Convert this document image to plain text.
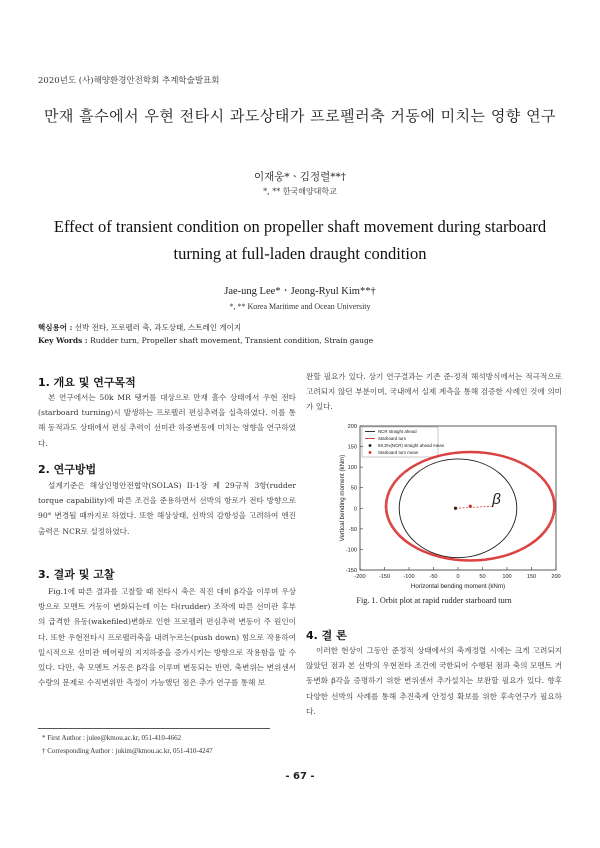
2020년도 (사)해양환경안전학회 추계학술발표회
만재 흘수에서 우현 전타시 과도상태가 프로펠러축 거동에 미치는 영향 연구
이재웅*ㆍ김정렬**†
*, ** 한국해양대학교
Effect of transient condition on propeller shaft movement during starboard turning at full-laden draught condition
Jae-ung Lee*ㆍJeong-Ryul Kim**†
*, ** Korea Maritime and Ocean University
핵심용어 : 선박 전타, 프로펠러 축, 과도상태, 스트레인 게이지
Key Words : Rudder turn, Propeller shaft movement, Transient condition, Strain gauge
1. 개요 및 연구목적
본 연구에서는 50k MR 탱커를 대상으로 만재 흘수 상태에서 우현 전타(starboard turning)시 발생하는 프로펠러 편심추력을 실측하였다. 이를 통해 동적과도 상태에서 편심 추력이 선미관 하중변동에 미치는 영향을 연구하였다.
2. 연구방법
설계기준은 해상인명안전협약(SOLAS) II-1장 제 29규칙 3항(rudder torque capability)에 따른 조건을 준용하면서 선박의 항로가 전타 방향으로 90° 변경될 때까지로 하였다. 또한 해상상태, 선박의 감항성을 고려하여 엔진출력은 NCR로 설정하였다.
3. 결과 및 고찰
Fig.1에 따른 결과를 고찰할 때 전타시 축은 직진 대비 β각을 이루며 우상방으로 모멘트 거동이 변화되는데 이는 타(rudder) 조작에 따른 선미관 후부의 급격한 유동(wakefiled)변화로 인한 프로펠러 편심추력 변동이 주 원인이다. 또한 우현전타시 프로펠러축을 내려누르는(push down) 힘으로 작용하여 일시적으로 선미관 베어링의 지지하중을 증가시키는 방향으로 작용함을 알 수 있다. 다만, 축 모멘트 거동은 β각을 이루며 변동되는 반면, 축변위는 변위센서 수량의 문제로 수직변위만 측정이 가능했던 점은 추가 연구를 통해 보
완할 필요가 있다. 상기 연구결과는 기존 준-정적 해석방식에서는 적극적으로 고려되지 않던 부분이며, 국내에서 실제 계측을 통해 검증한 사례인 것에 의미가 있다.
NCR straight ahead
Starboard turn
69.3%(NCR) straight ahead mean
Starboard turn mean
-200 -150 -100	-50	0	50	100	150	200
200
150
100
50
0
-50
-100
-150
β
Horizontal bending moment (kNm)
Vertical bending moment (kNm)
Fig. 1. Orbit plot at rapid rudder starboard turn
4. 결 론
이러한 현상이 그동안 준정적 상태에서의 축계정렬 시에는 크게 고려되지 않았던 점과 본 선박의 우현전타 조건에 국한되어 수행된 점과 축의 모멘트 거동변화 β각을 증명하기 위한 변위센서 추가설치는 보완할 필요가 있다. 향후 다양한 선박의 사례를 통해 추진축계 안정성 확보를 위한 후속연구가 필요하다.
* First Author : julee@kmou.ac.kr, 051-410-4662
† Corresponding Author : jukim@kmou.ac.kr, 051-410-4247
- 67 -
